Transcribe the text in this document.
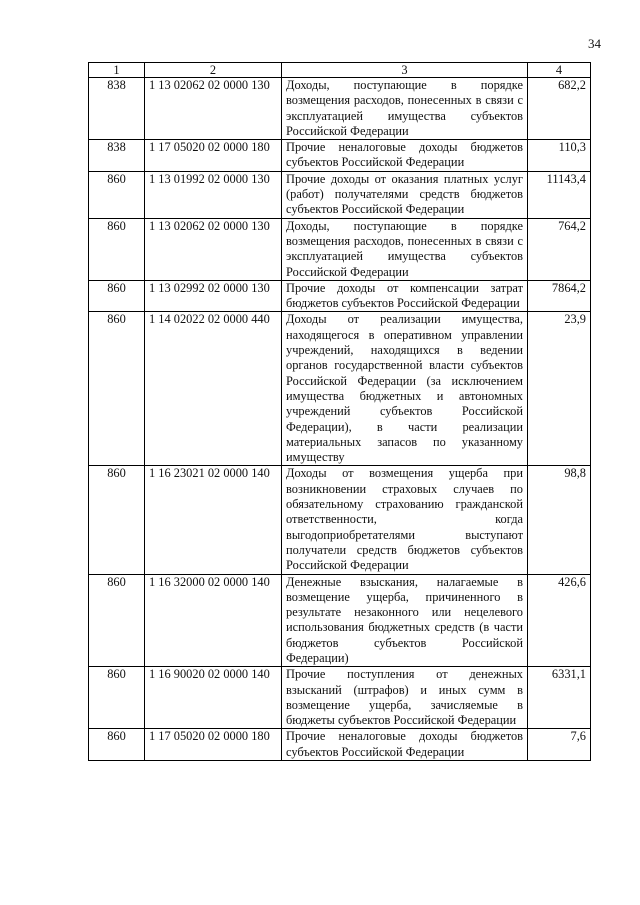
34
1	2	3	4
838	1 13 02062 02 0000 130	Доходы, поступающие в порядке возмещения расходов, понесенных в связи с эксплуатацией имущества субъектов Российской Федерации	682,2
838	1 17 05020 02 0000 180	Прочие неналоговые доходы бюджетов субъектов Российской Федерации	110,3
860	1 13 01992 02 0000 130	Прочие доходы от оказания платных услуг (работ) получателями средств бюджетов субъектов Российской Федерации	11143,4
860	1 13 02062 02 0000 130	Доходы, поступающие в порядке возмещения расходов, понесенных в связи с эксплуатацией имущества субъектов Российской Федерации	764,2
860	1 13 02992 02 0000 130	Прочие доходы от компенсации затрат бюджетов субъектов Российской Федерации	7864,2
860	1 14 02022 02 0000 440	Доходы от реализации имущества, находящегося в оперативном управлении учреждений, находящихся в ведении органов государственной власти субъектов Российской Федерации (за исключением имущества бюджетных и автономных учреждений субъектов Российской Федерации), в части реализации материальных запасов по указанному имуществу	23,9
860	1 16 23021 02 0000 140	Доходы от возмещения ущерба при возникновении страховых случаев по обязательному страхованию гражданской ответственности, когда выгодоприобретателями выступают получатели средств бюджетов субъектов Российской Федерации	98,8
860	1 16 32000 02 0000 140	Денежные взыскания, налагаемые в возмещение ущерба, причиненного в результате незаконного или нецелевого использования бюджетных средств (в части бюджетов субъектов Российской Федерации)	426,6
860	1 16 90020 02 0000 140	Прочие поступления от денежных взысканий (штрафов) и иных сумм в возмещение ущерба, зачисляемые в бюджеты субъектов Российской Федерации	6331,1
860	1 17 05020 02 0000 180	Прочие неналоговые доходы бюджетов субъектов Российской Федерации	7,6
